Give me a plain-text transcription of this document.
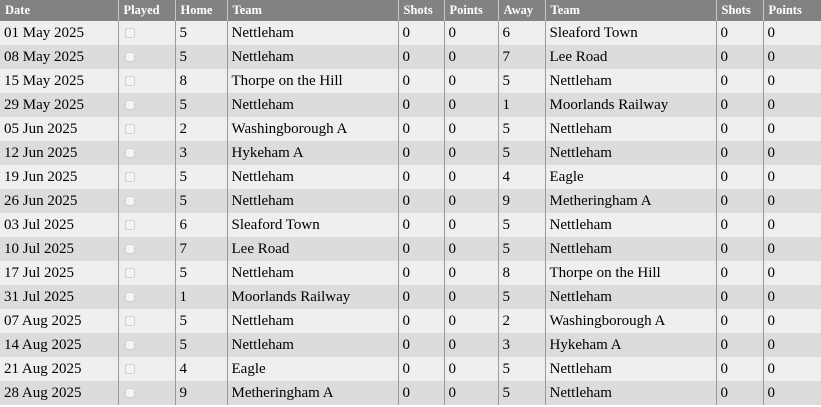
Date	Played	Home	Team	Shots	Points	Away	Team	Shots	Points
01 May 2025		5	Nettleham	0	0	6	Sleaford Town	0	0
08 May 2025		5	Nettleham	0	0	7	Lee Road	0	0
15 May 2025		8	Thorpe on the Hill	0	0	5	Nettleham	0	0
29 May 2025		5	Nettleham	0	0	1	Moorlands Railway	0	0
05 Jun 2025		2	Washingborough A	0	0	5	Nettleham	0	0
12 Jun 2025		3	Hykeham A	0	0	5	Nettleham	0	0
19 Jun 2025		5	Nettleham	0	0	4	Eagle	0	0
26 Jun 2025		5	Nettleham	0	0	9	Metheringham A	0	0
03 Jul 2025		6	Sleaford Town	0	0	5	Nettleham	0	0
10 Jul 2025		7	Lee Road	0	0	5	Nettleham	0	0
17 Jul 2025		5	Nettleham	0	0	8	Thorpe on the Hill	0	0
31 Jul 2025		1	Moorlands Railway	0	0	5	Nettleham	0	0
07 Aug 2025		5	Nettleham	0	0	2	Washingborough A	0	0
14 Aug 2025		5	Nettleham	0	0	3	Hykeham A	0	0
21 Aug 2025		4	Eagle	0	0	5	Nettleham	0	0
28 Aug 2025		9	Metheringham A	0	0	5	Nettleham	0	0
